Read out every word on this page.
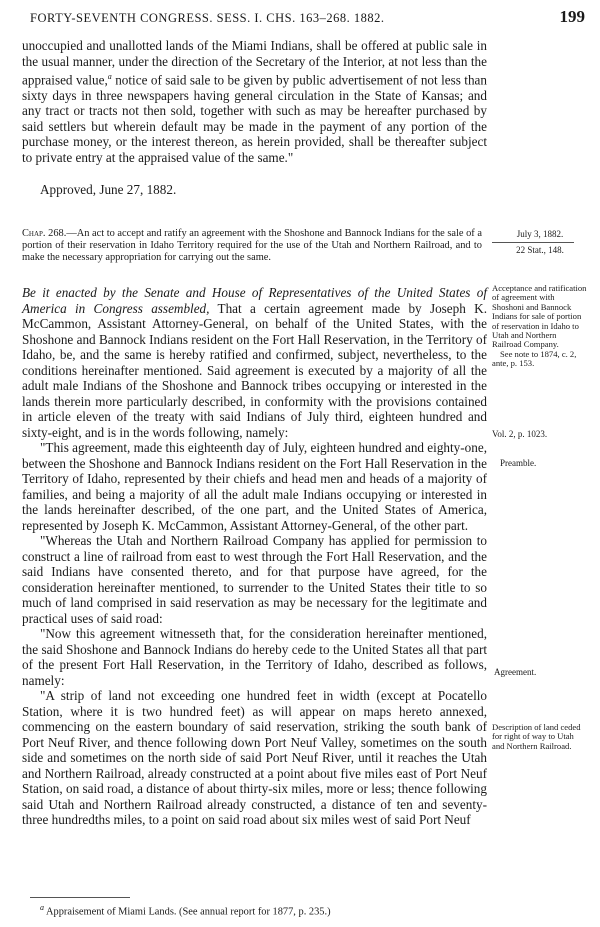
FORTY-SEVENTH CONGRESS. SESS. I. CHS. 163–268. 1882.	199
unoccupied and unallotted lands of the Miami Indians, shall be offered at public sale in the usual manner, under the direction of the Secretary of the Interior, at not less than the appraised value,$^a$ notice of said sale to be given by public advertisement of not less than sixty days in three newspapers having general circulation in the State of Kansas; and any tract or tracts not then sold, together with such as may be hereafter purchased by said settlers but wherein default may be made in the payment of any portion of the purchase money, or the interest thereon, as herein provided, shall be thereafter subject to private entry at the appraised value of the same."
Approved, June 27, 1882.
Chap. 268.—An act to accept and ratify an agreement with the Shoshone and Bannock Indians for the sale of a portion of their reservation in Idaho Territory required for the use of the Utah and Northern Railroad, and to make the necessary appropriation for carrying out the same.

Be it enacted by the Senate and House of Representatives of the United States of America in Congress assembled, That a certain agreement made by Joseph K. McCammon, Assistant Attorney-General, on behalf of the United States, with the Shoshone and Bannock Indians resident on the Fort Hall Reservation, in the Territory of Idaho, be, and the same is hereby ratified and confirmed, subject, nevertheless, to the conditions hereinafter mentioned. Said agreement is executed by a majority of all the adult male Indians of the Shoshone and Bannock tribes occupying or interested in the lands therein more particularly described, in conformity with the provisions contained in article eleven of the treaty with said Indians of July third, eighteen hundred and sixty-eight, and is in the words following, namely:

"This agreement, made this eighteenth day of July, eighteen hundred and eighty-one, between the Shoshone and Bannock Indians resident on the Fort Hall Reservation in the Territory of Idaho, represented by their chiefs and head men and heads of a majority of families, and being a majority of all the adult male Indians occupying or interested in the lands hereinafter described, of the one part, and the United States of America, represented by Joseph K. McCammon, Assistant Attorney-General, of the other part.

"Whereas the Utah and Northern Railroad Company has applied for permission to construct a line of railroad from east to west through the Fort Hall Reservation, and the said Indians have consented thereto, and for that purpose have agreed, for the consideration hereinafter mentioned, to surrender to the United States their title to so much of land comprised in said reservation as may be necessary for the legitimate and practical uses of said road:

"Now this agreement witnesseth that, for the consideration hereinafter mentioned, the said Shoshone and Bannock Indians do hereby cede to the United States all that part of the present Fort Hall Reservation, in the Territory of Idaho, described as follows, namely:

"A strip of land not exceeding one hundred feet in width (except at Pocatello Station, where it is two hundred feet) as will appear on maps hereto annexed, commencing on the eastern boundary of said reservation, striking the south bank of Port Neuf River, and thence following down Port Neuf Valley, sometimes on the south side and sometimes on the north side of said Port Neuf River, until it reaches the Utah and Northern Railroad, already constructed at a point about five miles east of Port Neuf Station, on said road, a distance of about thirty-six miles, more or less; thence following said Utah and Northern Railroad already constructed, a distance of ten and seventy-three hundredths miles, to a point on said road about six miles west of said Port Neuf

July 3, 1882.
22 Stat., 148.
Acceptance and ratification of agreement with Shoshoni and Bannock Indians for sale of portion of reservation in Idaho to Utah and Northern Railroad Company.
See note to 1874, c. 2, ante, p. 153.
Vol. 2, p. 1023.
Preamble.
Agreement.
Description of land ceded for right of way to Utah and Northern Railroad.
$^a$ Appraisement of Miami Lands. (See annual report for 1877, p. 235.)
